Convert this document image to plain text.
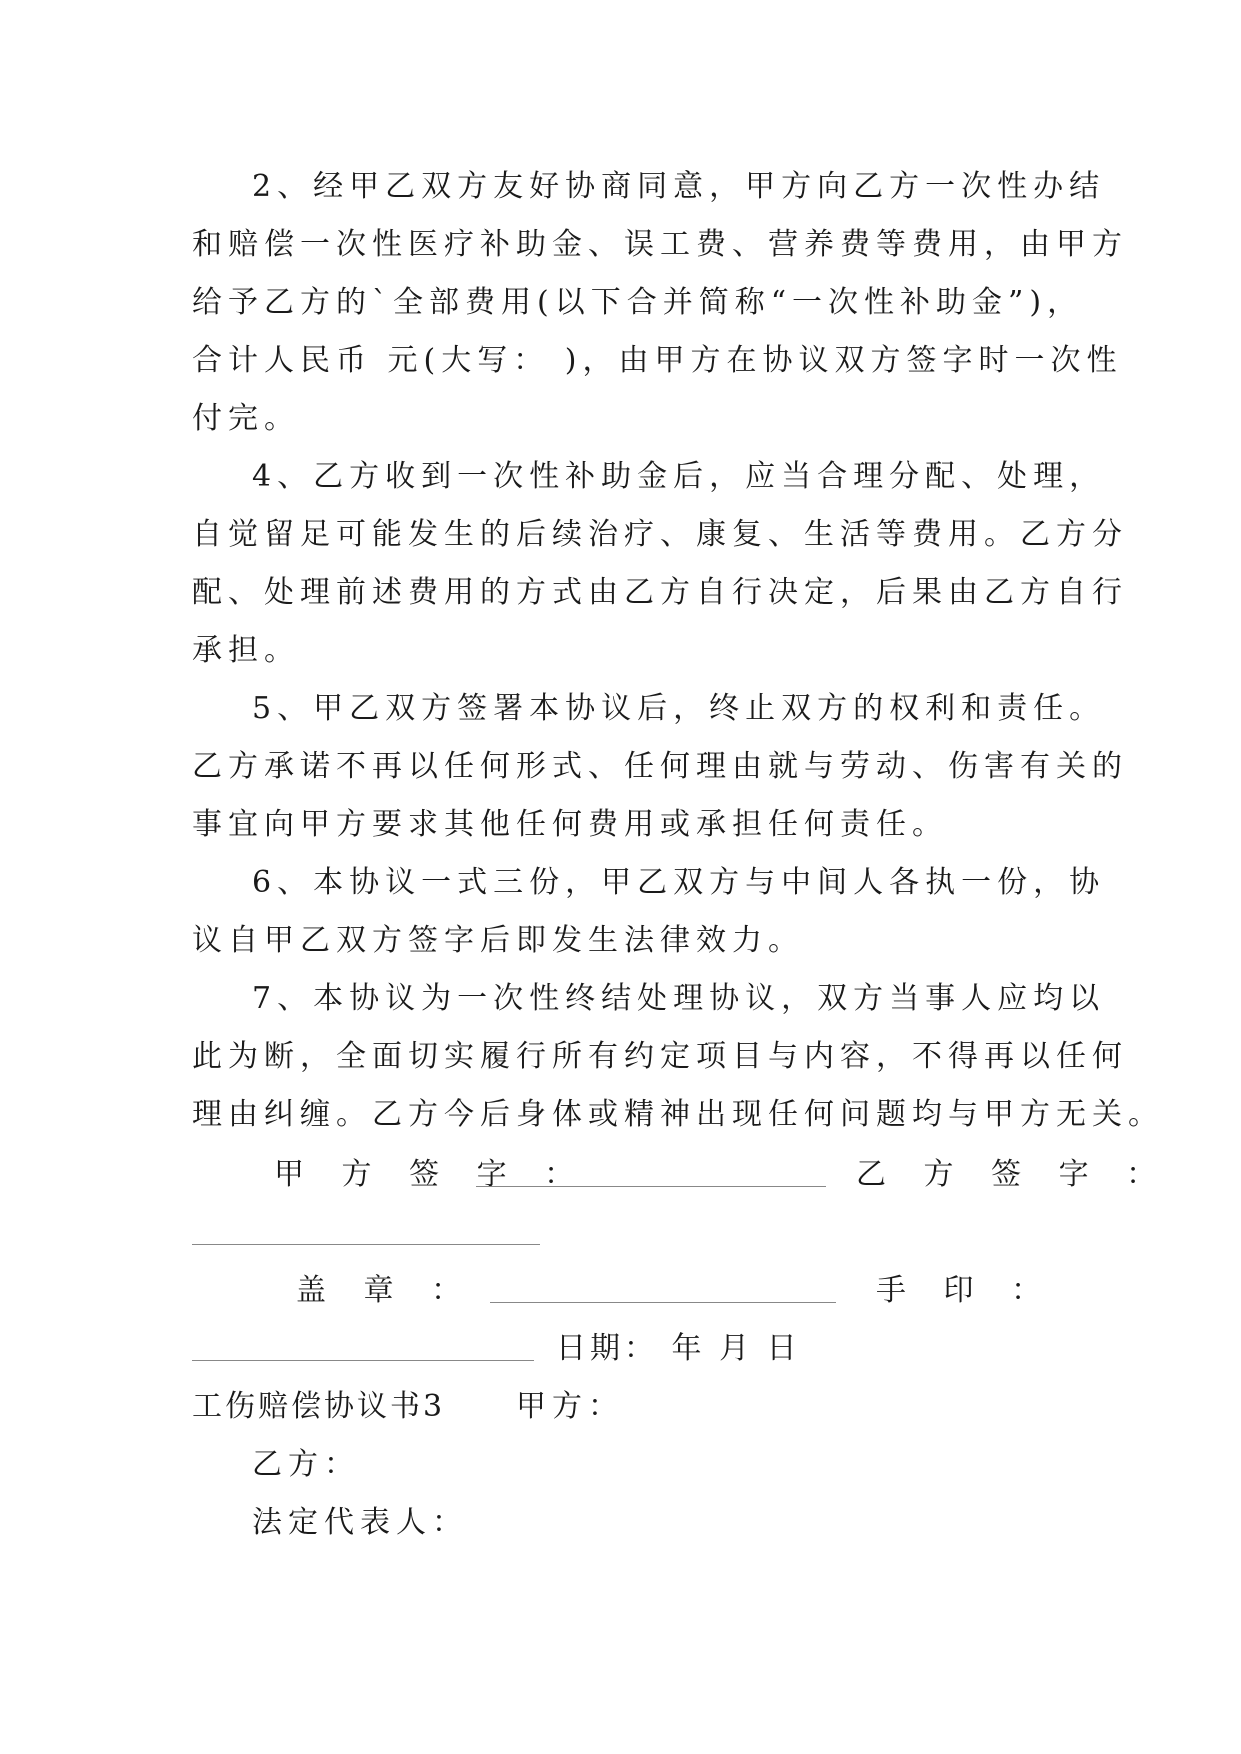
2、经甲乙双方友好协商同意，甲方向乙方一次性办结
和赔偿一次性医疗补助金、误工费、营养费等费用，由甲方
给予乙方的`全部费用(以下合并简称“一次性补助金”)，
合计人民币 元(大写： )，由甲方在协议双方签字时一次性
付完。
4、乙方收到一次性补助金后，应当合理分配、处理，
自觉留足可能发生的后续治疗、康复、生活等费用。乙方分
配、处理前述费用的方式由乙方自行决定，后果由乙方自行
承担。
5、甲乙双方签署本协议后，终止双方的权利和责任。
乙方承诺不再以任何形式、任何理由就与劳动、伤害有关的
事宜向甲方要求其他任何费用或承担任何责任。
6、本协议一式三份，甲乙双方与中间人各执一份，协
议自甲乙双方签字后即发生法律效力。
7、本协议为一次性终结处理协议，双方当事人应均以
此为断，全面切实履行所有约定项目与内容，不得再以任何
理由纠缠。乙方今后身体或精神出现任何问题均与甲方无关。
甲 方 签 字 ：	乙 方 签 字 ：
盖 章 ：	手 印 ：
日期： 年 月 日
工伤赔偿协议书3	甲方：
乙方：
法定代表人：
